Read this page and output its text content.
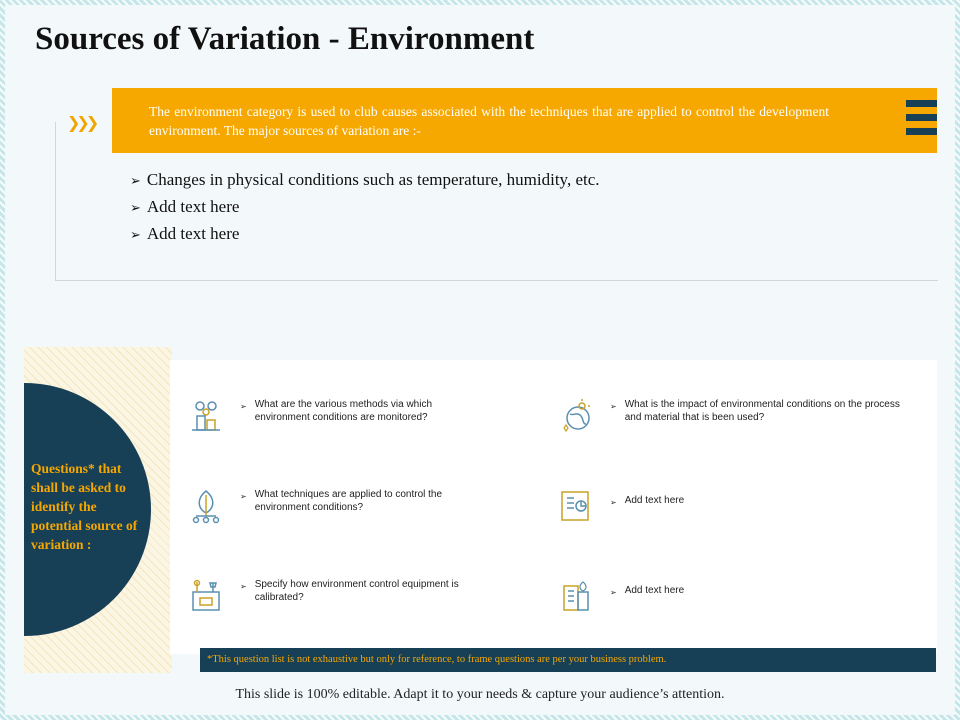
Sources of Variation - Environment
❯❯❯
The environment category is used to club causes associated with the techniques that are applied to control the development environment. The major sources of variation are :-
➢ Changes in physical conditions such as temperature, humidity, etc.
➢ Add text here
➢ Add text here
Questions* that shall be asked to identify the potential source of variation :
➢ What are the various methods via which environment conditions are monitored?
➢ What techniques are applied to control the environment conditions?
➢ Specify how environment control equipment is calibrated?
➢ What is the impact of environmental conditions on the process and material that is been used?
➢ Add text here
➢ Add text here
*This question list is not exhaustive but only for reference, to frame questions are per your business problem.
This slide is 100% editable. Adapt it to your needs & capture your audience’s attention.
